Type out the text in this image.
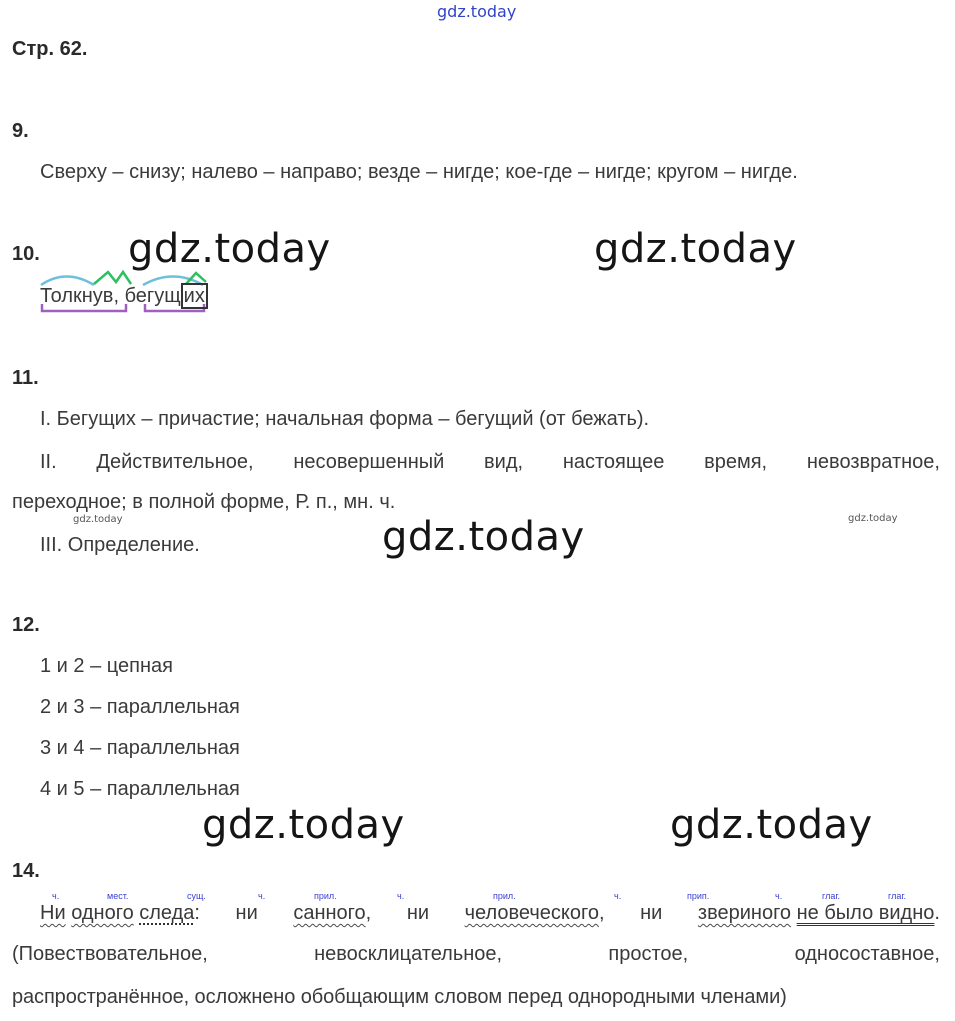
gdz.today
Стр. 62.
9.
Сверху – снизу; налево – направо; везде – нигде; кое-где – нигде; кругом – нигде.
10. gdz.today	gdz.today
Толкнув, бегущ их
11.
I. Бегущих – причастие; начальная форма – бегущий (от бежать).
II. Действительное, несовершенный вид, настоящее время, невозвратное,
переходное; в полной форме, Р. п., мн. ч.
gdz.today	gdz.today
III. Определение.	gdz.today
12.
1 и 2 – цепная
2 и 3 – параллельная
3 и 4 – параллельная
4 и 5 – параллельная
gdz.today	gdz.today
14.
ч.	мест.	сущ.	ч.	прил.	ч.	прил.	ч.	прип.	ч.	глаг.	глаг.
Ни одного следа: ни санного, ни человеческого, ни звериного не было видно.
(Повествовательное,	невосклицательное,	простое,	односоставное,
распространённое, осложнено обобщающим словом перед однородными членами)
